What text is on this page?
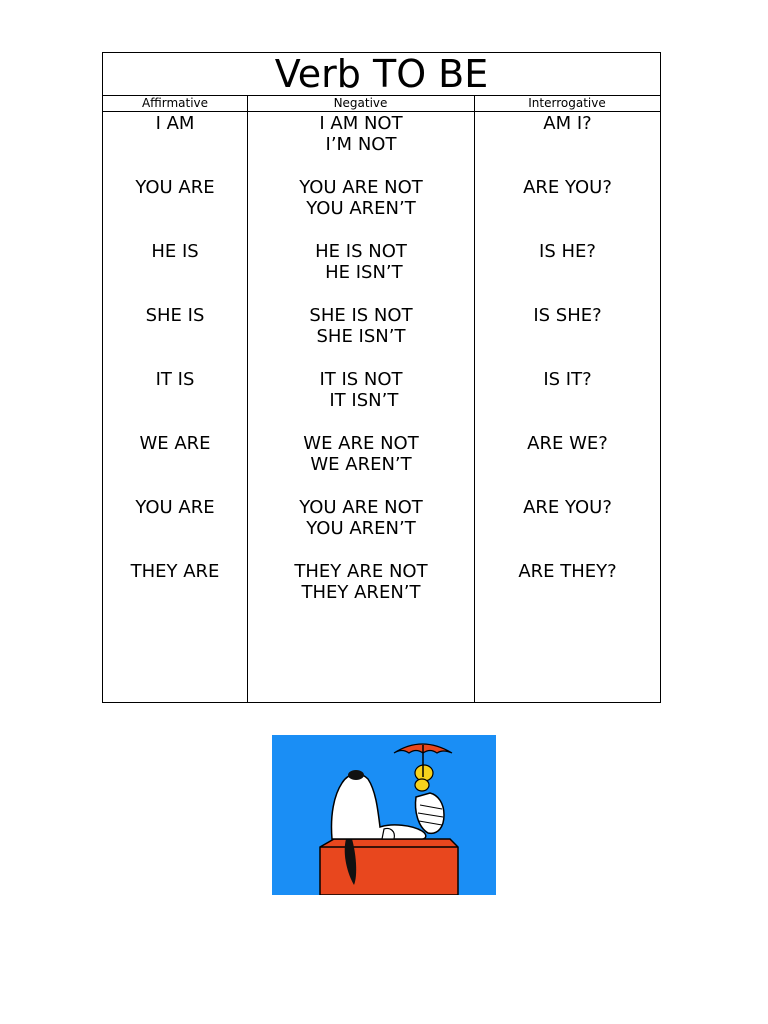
Verb TO BE
Affirmative	Negative	Interrogative
I AM
YOU ARE
HE IS
SHE IS
IT IS
WE ARE
YOU ARE
THEY ARE
I AM NOT
I’M NOT
YOU ARE NOT
YOU AREN’T
HE IS NOT
HE ISN’T
SHE IS NOT
SHE ISN’T
IT IS NOT
IT ISN’T
WE ARE NOT
WE AREN’T
YOU ARE NOT
YOU AREN’T
THEY ARE NOT
THEY AREN’T
AM I?
ARE YOU?
IS HE?
IS SHE?
IS IT?
ARE WE?
ARE YOU?
ARE THEY?
